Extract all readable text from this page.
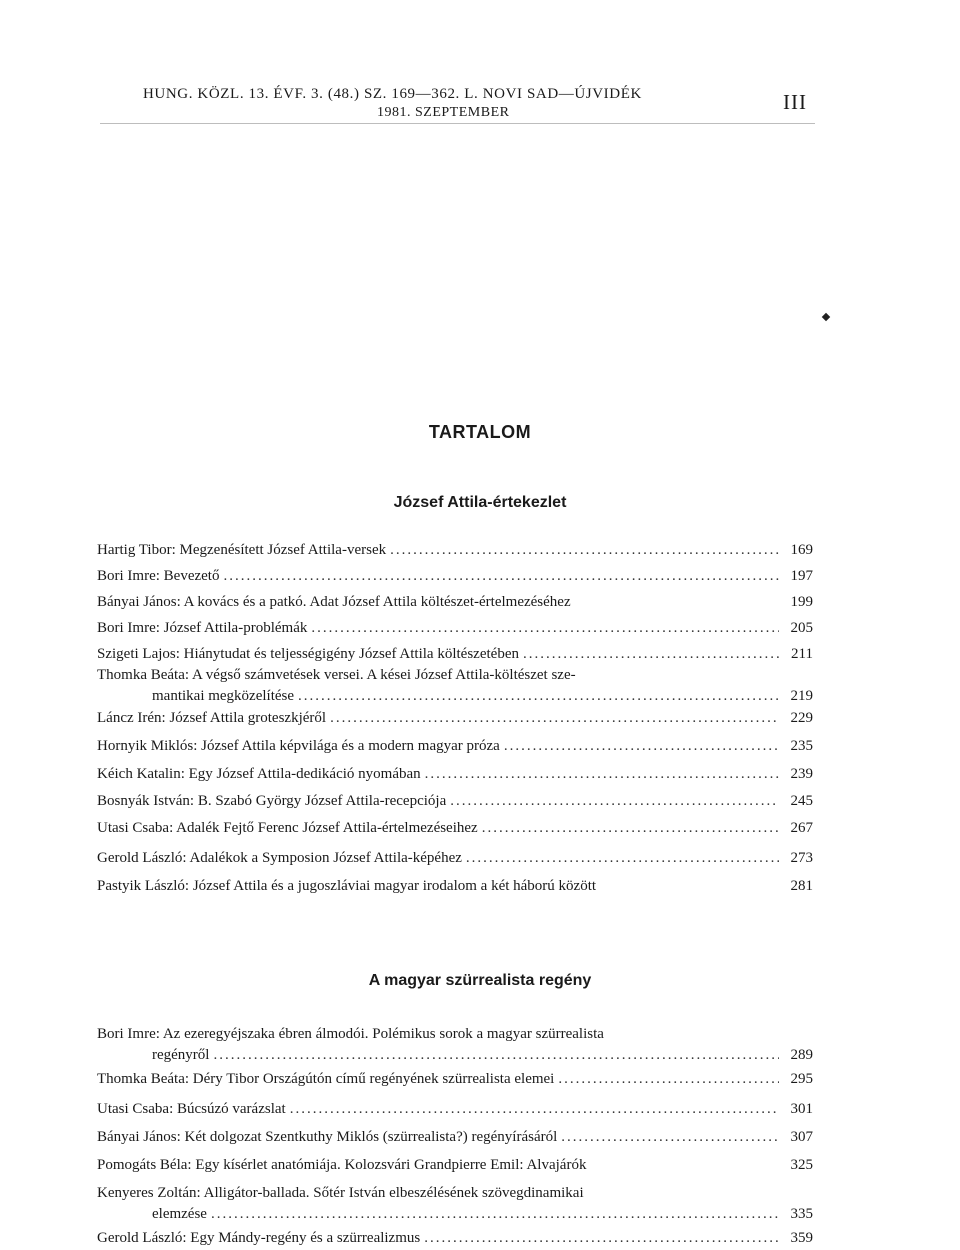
HUNG. KÖZL. 13. ÉVF. 3. (48.) SZ. 169—362. L. NOVI SAD—ÚJVIDÉK
1981. SZEPTEMBER	III
TARTALOM
József Attila-értekezlet
Hartig Tibor: Megzenésített József Attila-versek .....	169
Bori Imre: Bevezető .....	197
Bányai János: A kovács és a patkó. Adat József Attila költészet-értelmezéséhez	199
Bori Imre: József Attila-problémák .....	205
Szigeti Lajos: Hiánytudat és teljességigény József Attila költészetében .....	211
Thomka Beáta: A végső számvetések versei. A kései József Attila-költészet sze-
mantikai megközelítése .....	219
Láncz Irén: József Attila groteszkjéről .....	229
Hornyik Miklós: József Attila képvilága és a modern magyar próza .....	235
Kéich Katalin: Egy József Attila-dedikáció nyomában .....	239
Bosnyák István: B. Szabó György József Attila-recepciója .....	245
Utasi Csaba: Adalék Fejtő Ferenc József Attila-értelmezéseihez .....	267
Gerold László: Adalékok a Symposion József Attila-képéhez .....	273
Pastyik László: József Attila és a jugoszláviai magyar irodalom a két háború között	281
A magyar szürrealista regény
Bori Imre: Az ezeregyéjszaka ébren álmodói. Polémikus sorok a magyar szürrealista
regényről .....	289
Thomka Beáta: Déry Tibor Országútón című regényének szürrealista elemei .....	295
Utasi Csaba: Búcsúzó varázslat .....	301
Bányai János: Két dolgozat Szentkuthy Miklós (szürrealista?) regényírásáról .....	307
Pomogáts Béla: Egy kísérlet anatómiája. Kolozsvári Grandpierre Emil: Alvajárók	325
Kenyeres Zoltán: Alligátor-ballada. Sőtér István elbeszélésének szövegdinamikai
elemzése .....	335
Gerold László: Egy Mándy-regény és a szürrealizmus .....	359
